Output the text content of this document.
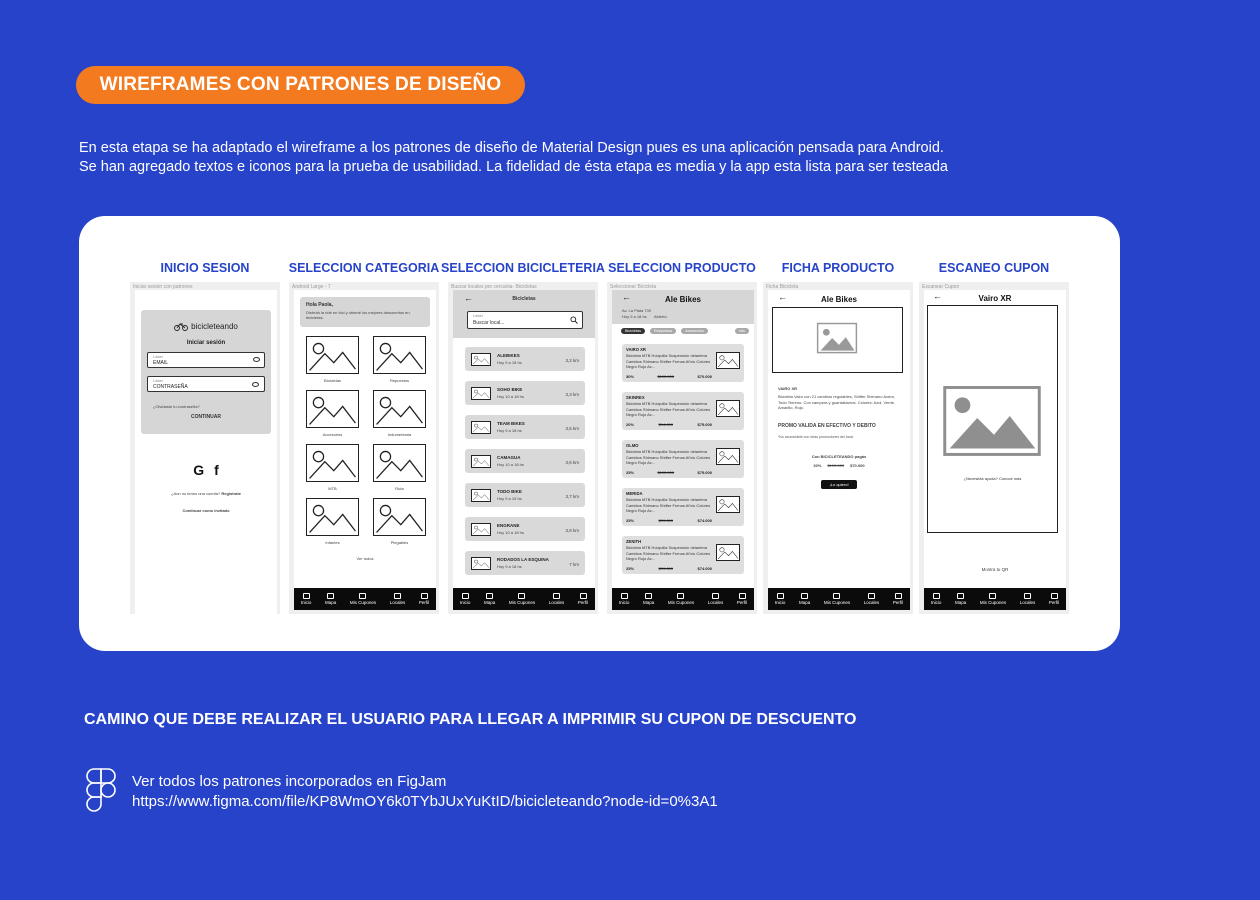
WIREFRAMES CON PATRONES DE DISEÑO
En esta etapa se ha adaptado el wireframe a los patrones de diseño de Material Design pues es una aplicación pensada para Android.
Se han agregado textos e iconos para la prueba de usabilidad. La fidelidad de ésta etapa es media y la app esta lista para ser testeada
INICIO SESION
Iniciar sesion con patrones
bicicleteando
Iniciar sesión
Label
EMAIL
Label
CONTRASEÑA
¿Olvidaste tu contraseña?
CONTINUAR
G f
¿Aun no tenes una cuenta? Registrate
Continuar como invitado
SELECCION CATEGORIA
Android Large - 7
Hola Paola,
Disfrutá la ride en bici y obtené los mejores descuentos en bicicletas.
Bicicletas	Repuestos
Accesorios	Indumentaria
MTB	Ruta
Infantes	Plegables
Ver todos
Inicio	Mapa	Mis Cupones	Locales	Perfil
SELECCION BICICLETERIA
Buscar locales por cercania- Bicicletas
←	Bicicletas
Label
Buscar local...
ALEBIKES
Hoy 9 a 18 hs	3,2 km
SOHO BIKE
Hoy 10 a 18 hs	3,3 km
TEAM BIKES
Hoy 9 a 18 hs	3,5 km
CAMAGUA
Hoy 10 a 18 hs	3,6 km
TODO BIKE
Hoy 9 a 19 hs	3,7 km
ENGRANE
Hoy 10 a 18 hs	3,8 km
RODADOS LA ESQUINA
Hoy 9 a 18 hs	7 km
Inicio	Mapa	Mis Cupones	Locales	Perfil
SELECCION PRODUCTO
Seleccionar Bicicleta
←	Ale Bikes
Av. La Plata 739
Hoy 9 a 18 hs Abierto
Bicicletas	Repuestos	Accesorios	Info
VAIRO XR
Bicicleta MTB Horquilla Suspensión delantera Cambios Shimano Shifter Frenos Al'vio Colores Negro Rojo Az...
30%	$100.000	$70.000
SKINREX
Bicicleta MTB Horquilla Suspensión delantera Cambios Shimano Shifter Frenos Al'vio Colores Negro Rojo Az...
20%	$94.000	$75.000
OLMO
Bicicleta MTB Horquilla Suspensión delantera Cambios Shimano Shifter Frenos Al'vio Colores Negro Rojo Az...
25%	$100.000	$75.000
MERIDA
Bicicleta MTB Horquilla Suspensión delantera Cambios Shimano Shifter Frenos Al'vio Colores Negro Rojo Az...
25%	$99.000	$74.000
ZENITH
Bicicleta MTB Horquilla Suspensión delantera Cambios Shimano Shifter Frenos Al'vio Colores Negro Rojo Az...
25%	$99.000	$74.000
Inicio	Mapa	Mis Cupones	Locales	Perfil
FICHA PRODUCTO
Ficha Bicicleta
←	Ale Bikes
VAIRO XR
Bicicleta Vairo con 21 cambios regulables, Shifter Shimano Acera, Todo Terreno. Con campera y guardabarros. Colores: Azul, Verde, Amarillo, Rojo.
PROMO VALIDA EN EFECTIVO Y DEBITO
*No acumulable con otras promociones del local.
Con BICICLETEANDO pagás
30% $100.000 $70.000
¡Lo quiero!
Inicio	Mapa	Mis Cupones	Locales	Perfil
ESCANEO CUPON
Escanear Cupon
←	Vairo XR
¿Necesitás ayuda? Conocé más
Mostra tu QR
Inicio	Mapa	Mis Cupones	Locales	Perfil
CAMINO QUE DEBE REALIZAR EL USUARIO PARA LLEGAR A IMPRIMIR SU CUPON DE DESCUENTO
Ver todos los patrones incorporados en FigJam
https://www.figma.com/file/KP8WmOY6k0TYbJUxYuKtID/bicicleteando?node-id=0%3A1
